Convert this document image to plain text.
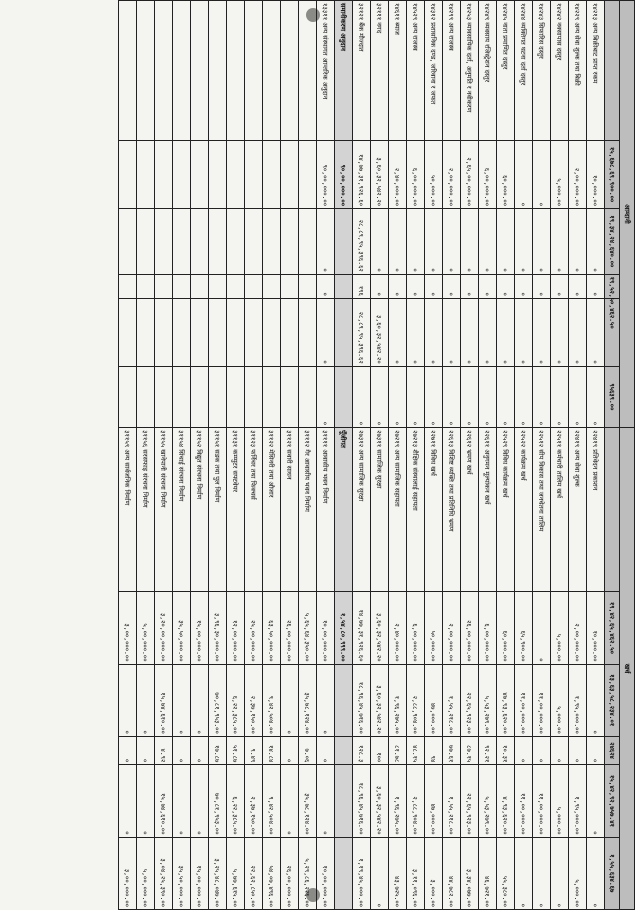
आम्दानी						खर्च					
	१५,६७८,६९,९००.००	१९,३४,२४,६४०.००			९५६३९.००		१९,४२,६५,४६२.५०	१३,६३,५८,२३४.०१	२४६२४	१५,४२,९२,७५७.४१	१,५५,६३४.६७
१४२१३ अन्य बिक्रीबाट प्राप्त रकम	१०,०००.००	०	०	०	०	२२४१९ प्रतिवेदन प्रकाशन	१०,०००.००	०	०	०	०
१४२२९ अन्य सेवा शुल्क तथा बिक्री	२,००,०००.००	०	०	०	०	२२४१९ अन्य सेवा शुल्क	२,००,०००.००	१,९५,०००.००	०	१,९५,०००.००	५,०००.००
१४२४२ नक्सापास दस्तुर	५,०००.००	०	०	०	०	२२५११ कर्मचारी तालिम खर्च	५,०००.००	५,०००.००	०	५,०००.००	०
१४२४३ सिफारिस दस्तुर	०	०	०	०	०	२२५१२ सीप विकास तथा जनचेतना तालिम	०	११,००,०००.००	०	११,००,०००.००	०
१४२४४ व्यक्तिगत घटना दर्ता दस्तुर	०	०	०	०	०	२२५२२ कार्यक्रम खर्च	६५,९००.००	११,००,०००.००	०	११,००,०००.००	०
१४२४५ नाता प्रमाणित दस्तुर	६०,०००.००	०	०	०	०	२२५२९ विविध कार्यक्रम खर्च	६०,०००.००	४७,९३,६२०.००	१०.३१	४,९३,६२०.००	५५,३८०.००
१४२४९ व्यवसाय रजिस्ट्रेशन दस्तुर	६,००,०००.००	०	०	०	०	२२६११ अनुगमन मूल्यांकन खर्च	६,००,०००.००	५,५३,२७९.००	९२.२१	५,५३,२७९.००	४६,७२१.००
१४२५३ व्यावसायिक दर्ता, अनुमति र नवीकरण	२,६५,००,०००.००	०	०	०	०	२२६१२ भ्रमण खर्च	२६,००,०००.००	२२,६५,९२३.००	८७.१५	२२,६५,९२३.००	३,३४,०७७.००
१४२९९ अन्य राजस्व	२,००,०००.००	०	०	०	०	२२६१३ विशिष्ट व्यक्ति तथा प्रतिनिधि भ्रमण	२,००,०००.००	१,५५,२१८.००	७७.६१	१,५५,२१८.००	४४,७८२.००
१४३१२ प्रशासनिक दण्ड, जरिवाना र जफत	५०,०००.००	०	०	०	०	२२७११ विविध खर्च	५०,०००.००	४७,०००.००	९४	४७,०००.००	३,०००.००
१४५२९ अन्य राजस्व	६,००,०००.००	०	०	०	०	२७२१३ शैक्षिक संस्थालाई सहायता	६,००,०००.००	२,८८,९०४.००	४८.१५	२,८८,९०४.००	३,११,०९६.००
१४६११ ब्याज	२,४०,०००.००	०	०	०	०	२७२१९ अन्य सामाजिक सहायता	२,४०,०००.००	१,९६,२७५.००	८१.७८	१,९६,२७५.००	४३,७२५.००
३२१११ नगद	३,६०,३२,५४२.२०	०	०	३,६०,३२,५४२.२०	०	२७३११ सामाजिक सुरक्षा	३,६०,३२,५४२.२०	३,६०,३२,५४२.२०	१००	३,६०,३२,५४२.२०	०
३२१२१ बैंक मौज्दात	१४,७७,३१,९२६.६०	२८,८९,९५,३९६.६२	१९६	२८,८९,९५,३९६.६२	०	२७३१२ अन्य सामाजिक सुरक्षा	१४,७७,३१,९२६.६०	१८,९६,४५,७१६.००	१२८.३	१८,९६,४५,७१६.००	१,१९,४५,०००.००
समानीकरण अनुदान	९०,००,०००.००					पूँजीगत	१,५४,८०,९९९.००				
१३३११ अन्य संस्थागत आन्तरिक अनुदान	९०,००,०००.००	०	०	०	०	३११११ आवासीय भवन निर्माण	१०,००,०००.००	०	०	०	१०,००,०००.००
						३१११२ गैर आवासीय भवन निर्माण	५,६५,६४,३५०.००	३५,७८,१२४.००	७.०६	३५,७८,१२४.००	५,२९,८६,२२६.००
						३११२१ सवारी साधन	२६,००,०००.००	०	०	०	२६,००,०००.००
						३११२२ मेसिनरी तथा औजार	६३,५०,०००.००	९,४२,५०४.००	१४.८४	९,४२,५०४.००	५४,०७,४९६.००
						३११२३ फर्निचर तथा फिक्चर्स	२५,००,०००.००	२,३७,१५०.००	९.४९	२,३७,१५०.००	२२,६२,८५०.००
						३११३१ कम्प्युटर सफ्टवेयर	१२,००,०००.००	६,२२,३८५.००	५१.८७	६,२२,३८५.००	५,७७,६१५.००
						३११५१ सडक तथा पुल निर्माण	३,९६,३०,०००.००	७०,८१,९५३.००	१७.८७	७०,८१,९५३.००	३,२५,४८,०४७.००
						३११५२ विद्युत संरचना निर्माण	१५,००,०००.००	०	०	०	१५,००,०००.००
						३११५४ सिंचाई संरचना निर्माण	३५,५०,०००.००	०	०	०	३५,५०,०००.००
						३११५५ खानेपानी संरचना निर्माण	३,२०,००,०००.००	१५,७४,६१०.००	४.९२	१५,७४,६१०.००	३,०४,२५,३९०.००
						३११५६ सरसफाइ संरचना निर्माण	५,००,०००.००	०	०	०	५,००,०००.००
						३११५९ अन्य सार्वजनिक निर्माण	३,००,०००.००	०	०	०	३,००,०००.००
